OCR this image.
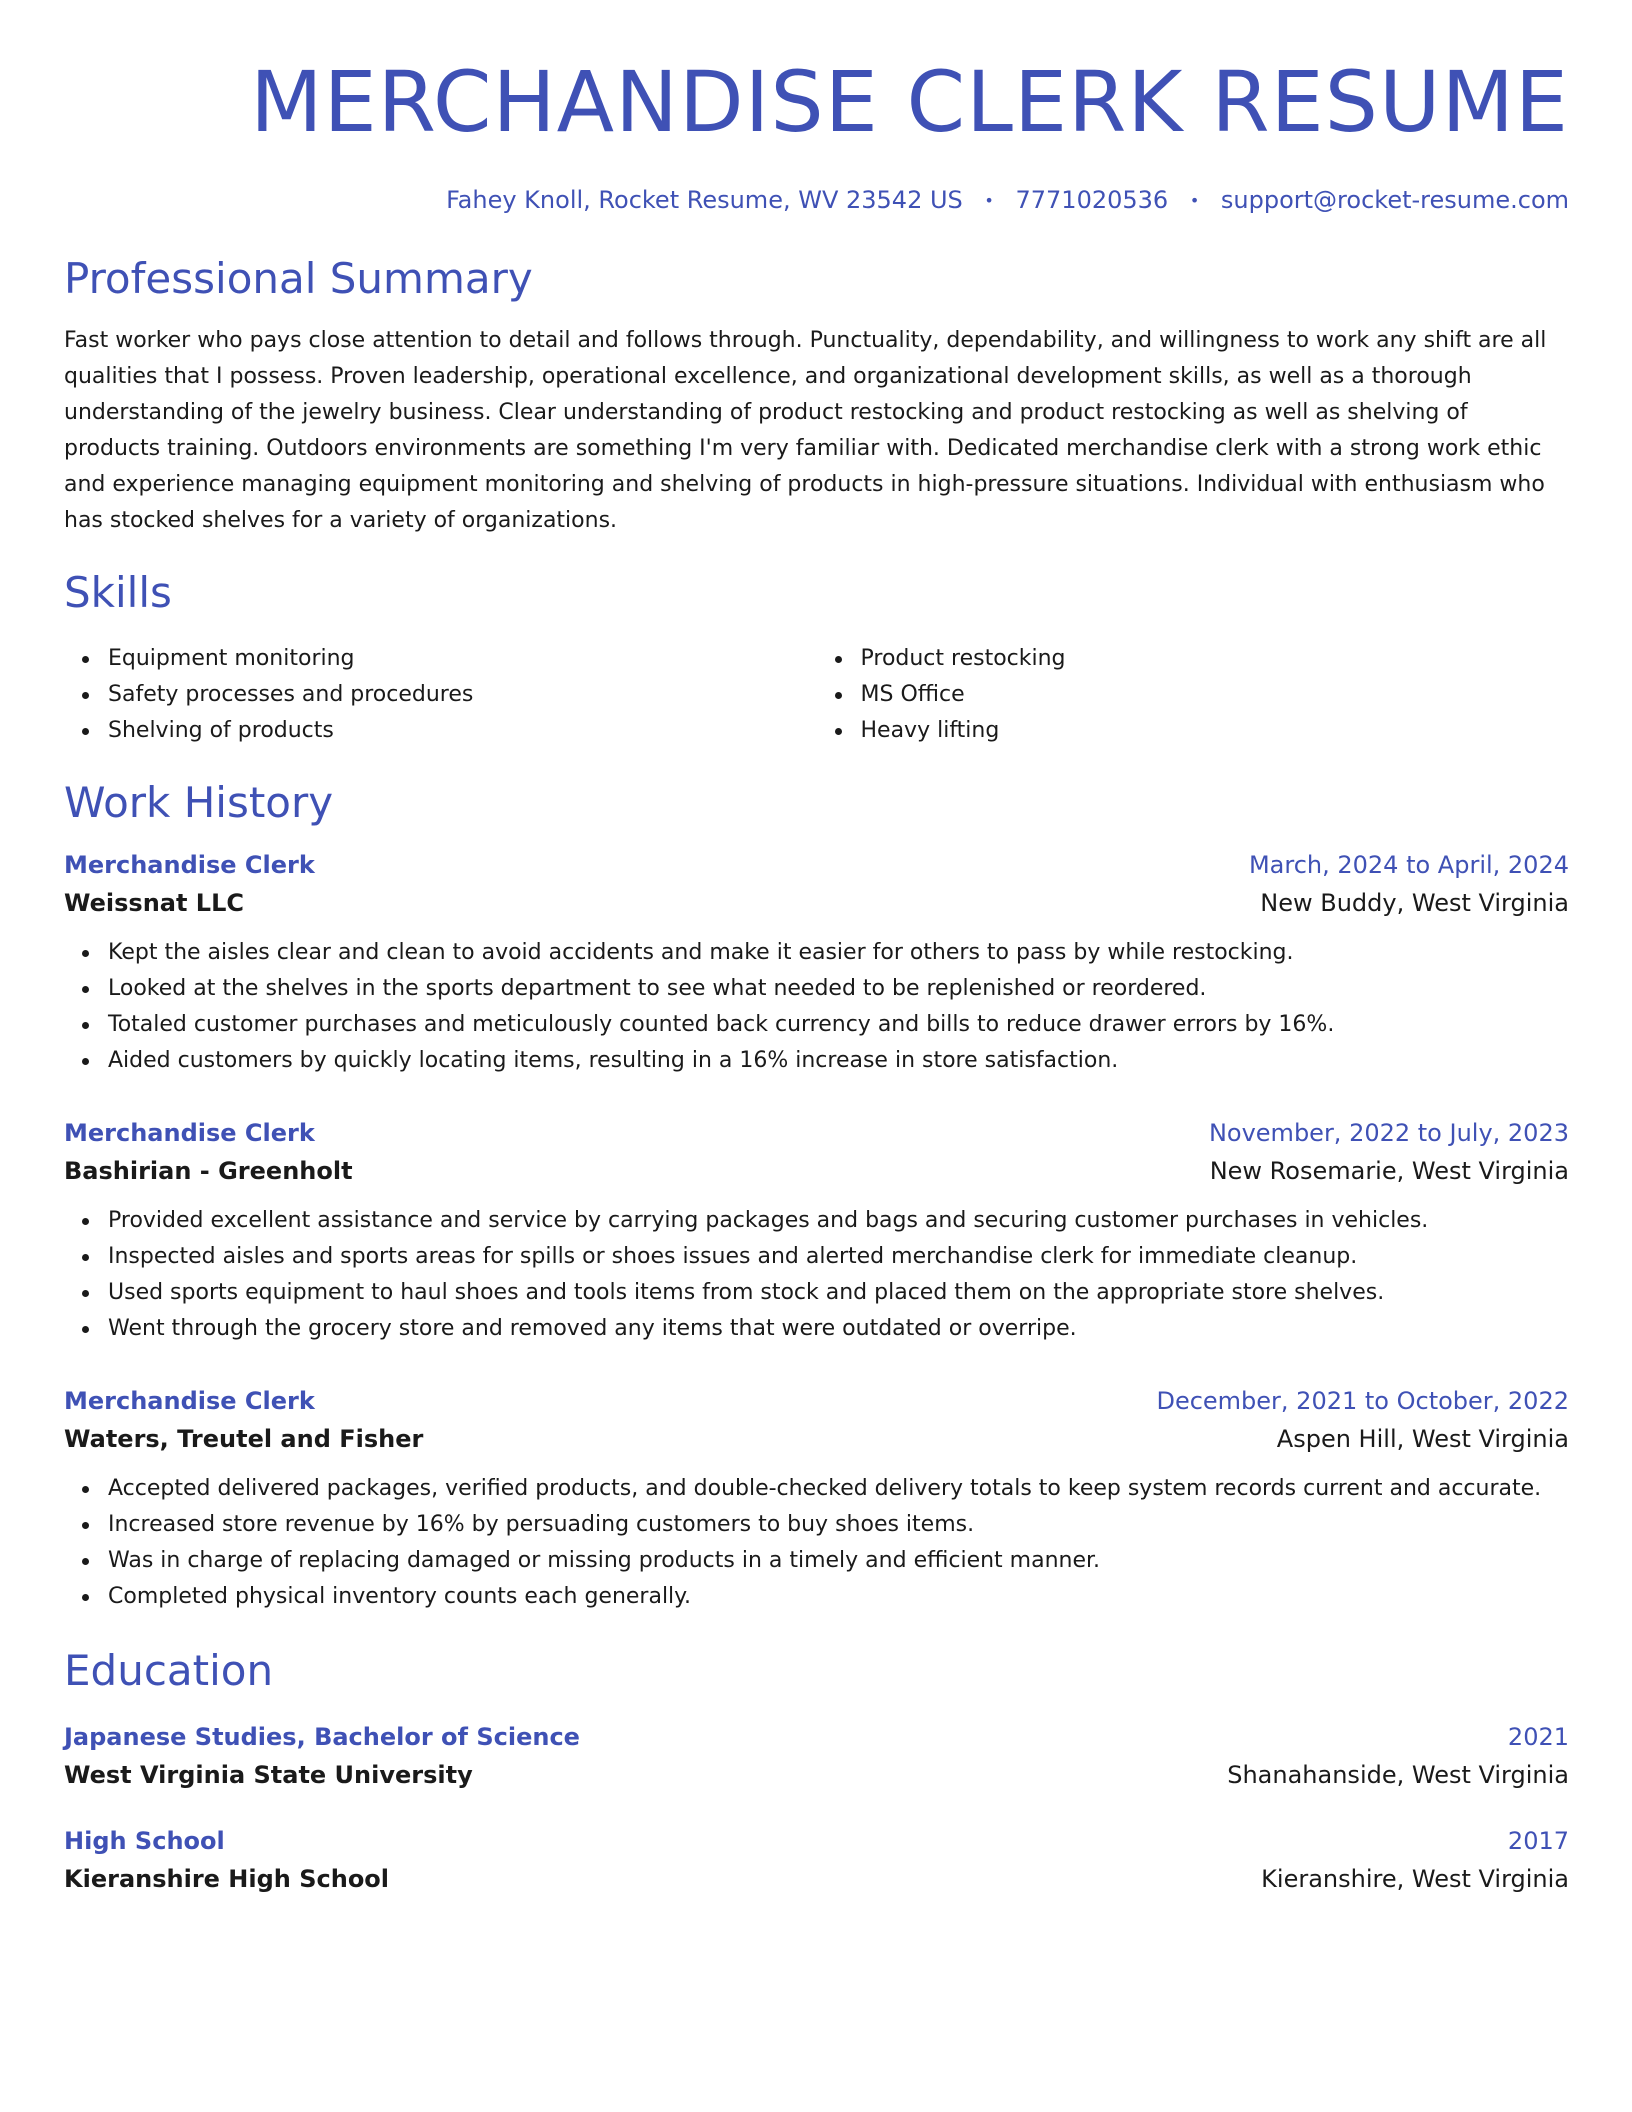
MERCHANDISE CLERK RESUME
Fahey Knoll, Rocket Resume, WV 23542 US • 7771020536 • support@rocket-resume.com
Professional Summary
Fast worker who pays close attention to detail and follows through. Punctuality, dependability, and willingness to work any shift are all qualities that I possess. Proven leadership, operational excellence, and organizational development skills, as well as a thorough understanding of the jewelry business. Clear understanding of product restocking and product restocking as well as shelving of products training. Outdoors environments are something I'm very familiar with. Dedicated merchandise clerk with a strong work ethic and experience managing equipment monitoring and shelving of products in high-pressure situations. Individual with enthusiasm who has stocked shelves for a variety of organizations.
Skills
Equipment monitoring
Safety processes and procedures
Shelving of products
Product restocking
MS Office
Heavy lifting
Work History
Merchandise Clerk	March, 2024 to April, 2024
Weissnat LLC	New Buddy, West Virginia
Kept the aisles clear and clean to avoid accidents and make it easier for others to pass by while restocking.
Looked at the shelves in the sports department to see what needed to be replenished or reordered.
Totaled customer purchases and meticulously counted back currency and bills to reduce drawer errors by 16%.
Aided customers by quickly locating items, resulting in a 16% increase in store satisfaction.
Merchandise Clerk	November, 2022 to July, 2023
Bashirian - Greenholt	New Rosemarie, West Virginia
Provided excellent assistance and service by carrying packages and bags and securing customer purchases in vehicles.
Inspected aisles and sports areas for spills or shoes issues and alerted merchandise clerk for immediate cleanup.
Used sports equipment to haul shoes and tools items from stock and placed them on the appropriate store shelves.
Went through the grocery store and removed any items that were outdated or overripe.
Merchandise Clerk	December, 2021 to October, 2022
Waters, Treutel and Fisher	Aspen Hill, West Virginia
Accepted delivered packages, verified products, and double-checked delivery totals to keep system records current and accurate.
Increased store revenue by 16% by persuading customers to buy shoes items.
Was in charge of replacing damaged or missing products in a timely and efficient manner.
Completed physical inventory counts each generally.
Education
Japanese Studies, Bachelor of Science	2021
West Virginia State University	Shanahanside, West Virginia
High School	2017
Kieranshire High School	Kieranshire, West Virginia
